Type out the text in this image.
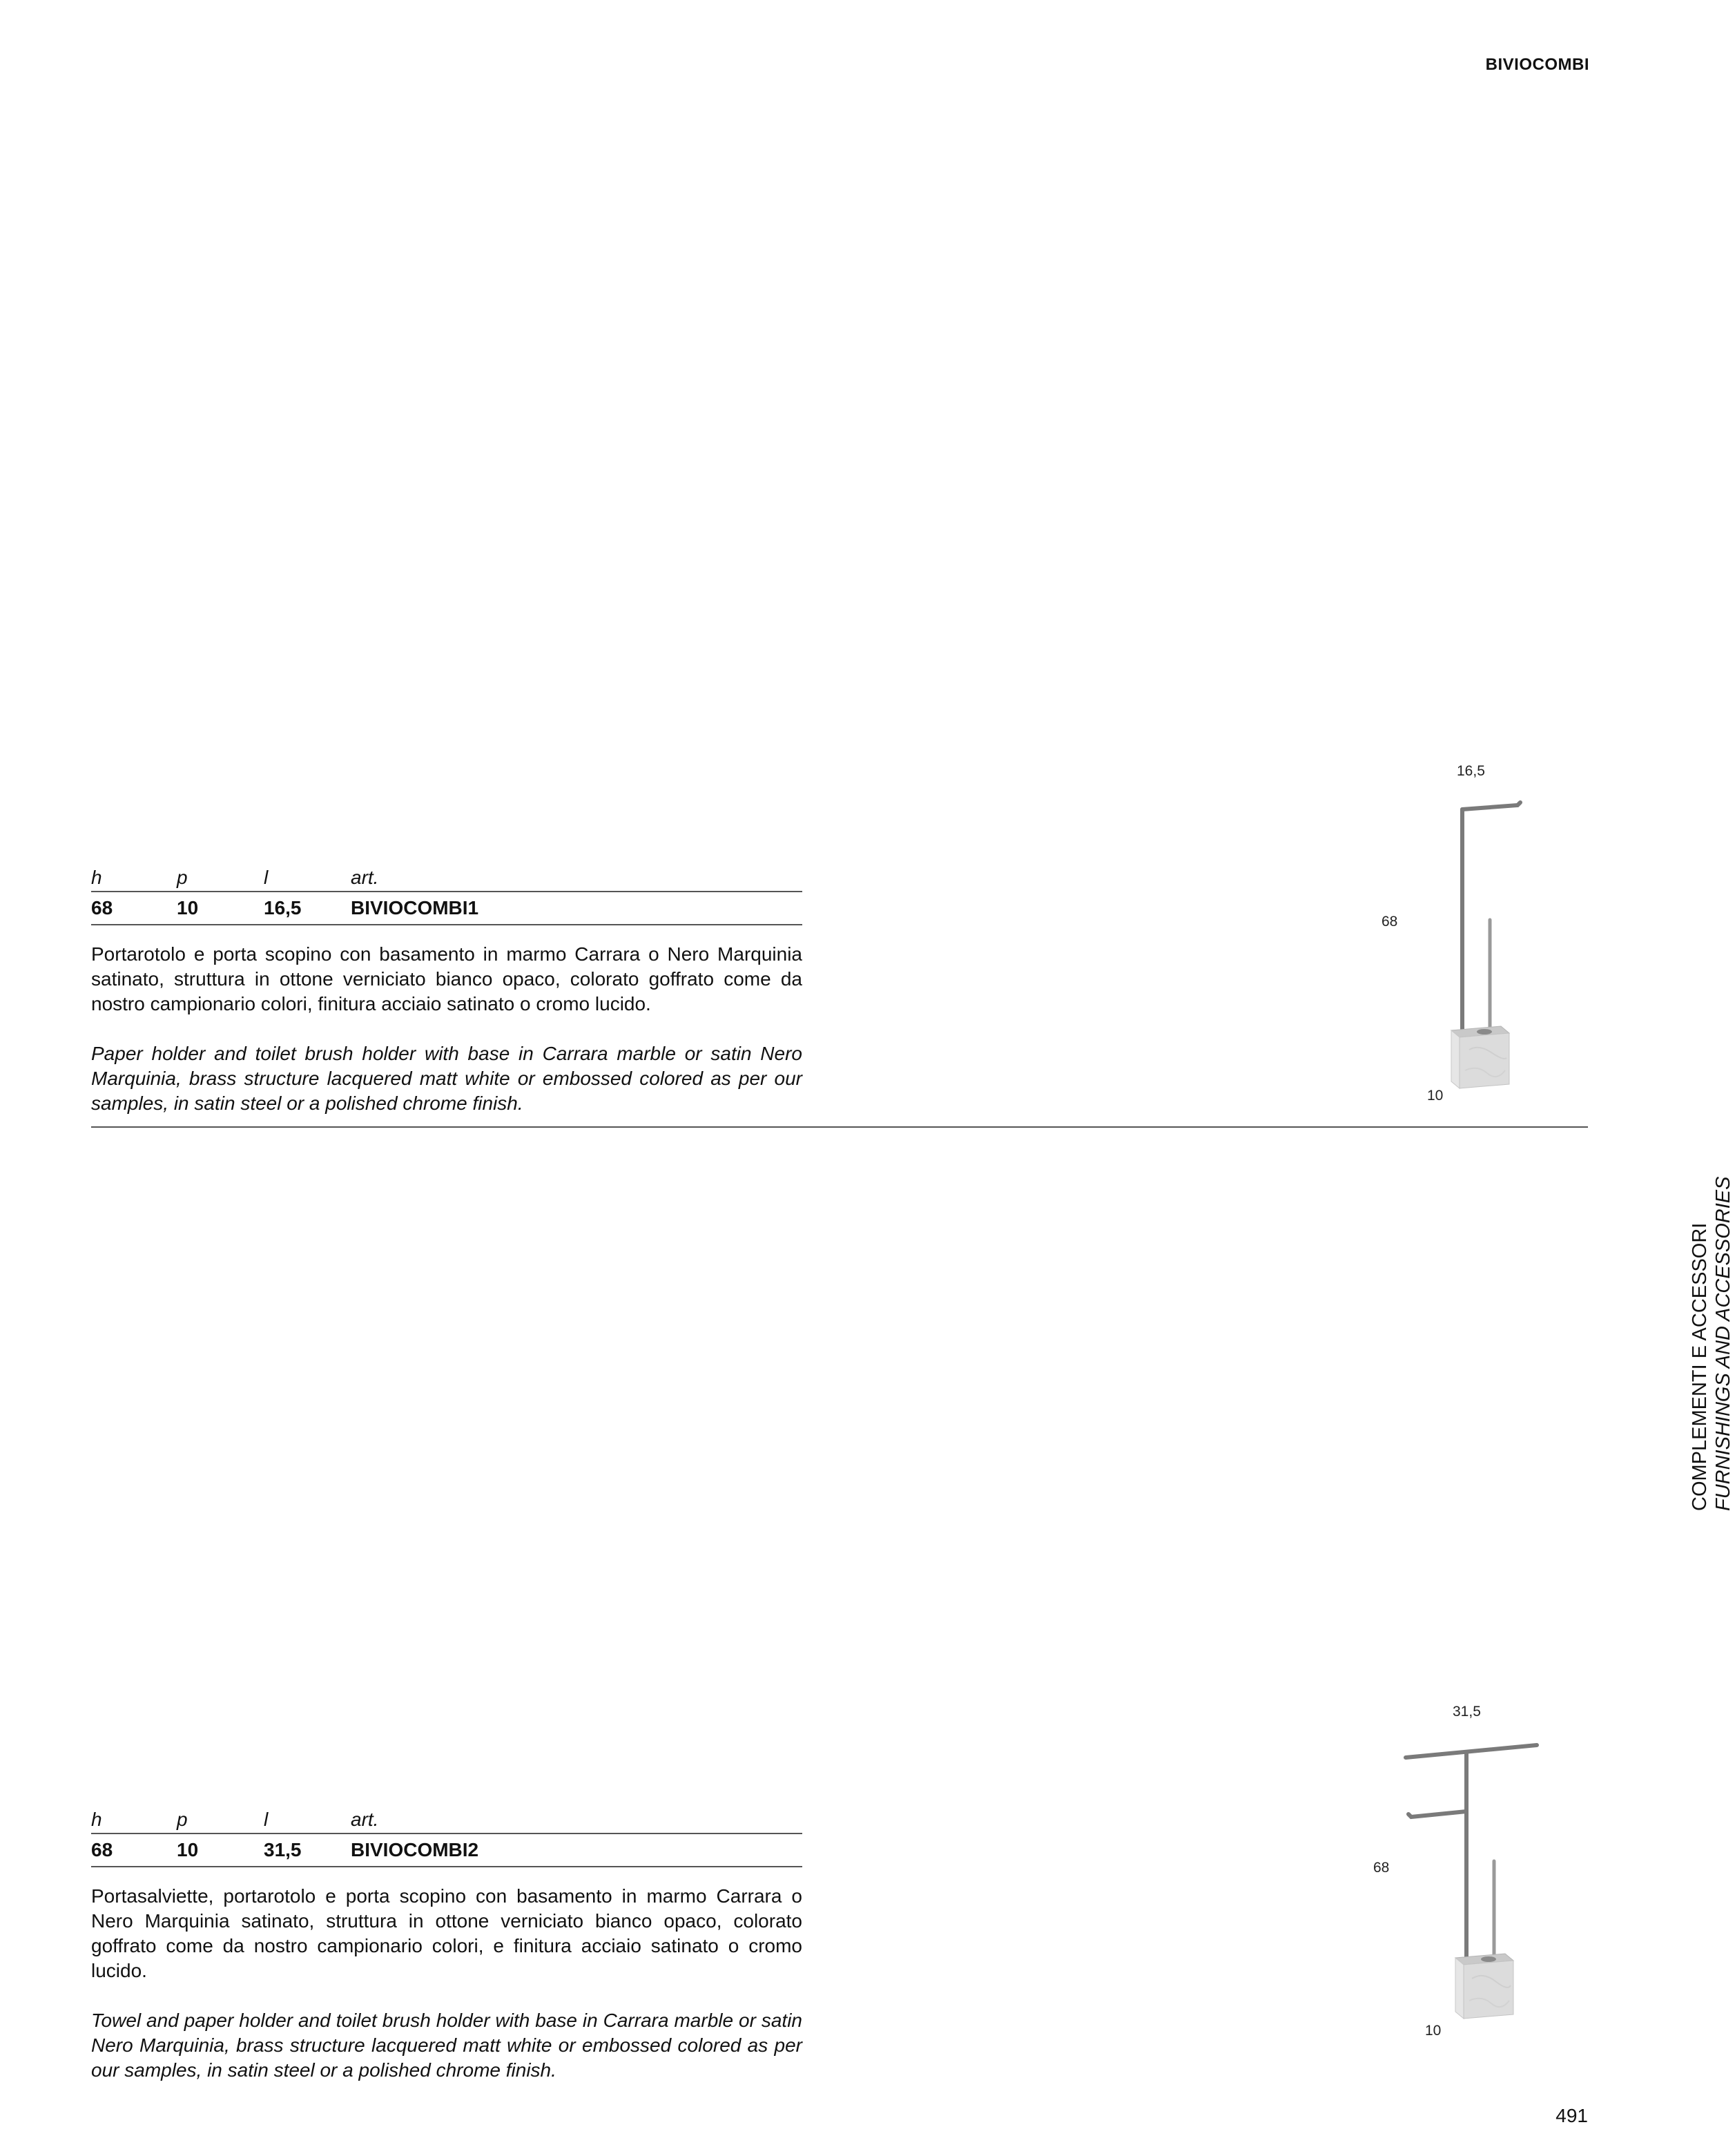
BIVIOCOMBI
h	p	l	art.
68	10	16,5	BIVIOCOMBI1

Portarotolo e porta scopino con basamento in marmo Carrara o Nero Marquinia satinato, struttura in ottone verniciato bianco opaco, colorato goffrato come da nostro campionario colori, finitura acciaio satinato o cromo lucido.

Paper holder and toilet brush holder with base in Carrara marble or satin Nero Marquinia, brass structure lacquered matt white or embossed colored as per our samples, in satin steel or a polished chrome finish.

16,5
68
10
COMPLEMENTI E ACCESSORI FURNISHINGS AND ACCESSORIES
h	p	l	art.
68	10	31,5	BIVIOCOMBI2

Portasalviette, portarotolo e porta scopino con basamento in marmo Carrara o Nero Marquinia satinato, struttura in ottone verniciato bianco opaco, colorato goffrato come da nostro campionario colori, e finitura acciaio satinato o cromo lucido.

Towel and paper holder and toilet brush holder with base in Carrara marble or satin Nero Marquinia, brass structure lacquered matt white or embossed colored as per our samples, in satin steel or a polished chrome finish.

31,5
68
10
491
